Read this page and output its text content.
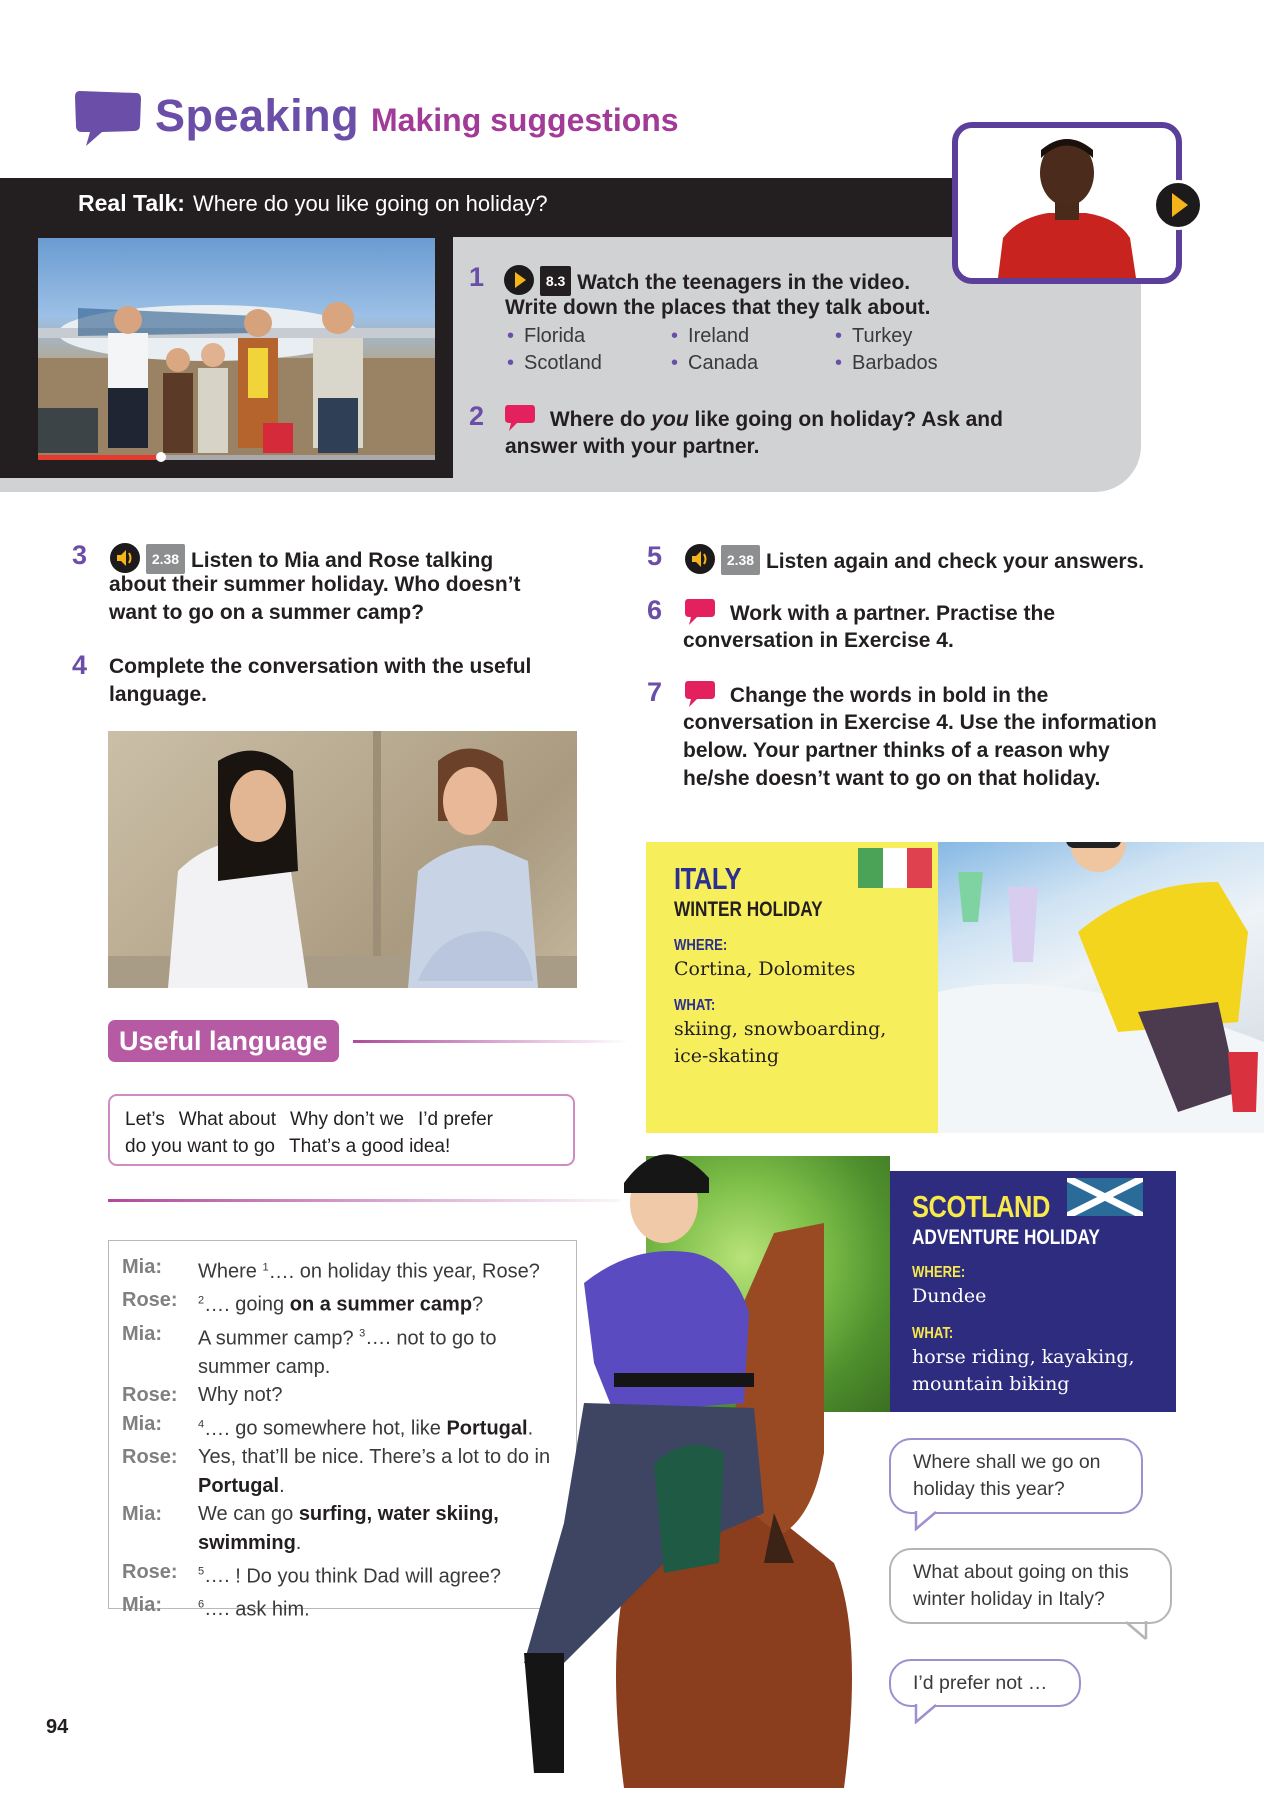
Speaking Making suggestions
Real Talk: Where do you like going on holiday?
1	8.3 Watch the teenagers in the video.
Write down the places that they talk about.
• Florida	• Ireland	• Turkey
• Scotland	• Canada	• Barbados
2	Where do you like going on holiday? Ask and
answer with your partner.
3	2.38 Listen to Mia and Rose talking
about their summer holiday. Who doesn’t
want to go on a summer camp?
4 Complete the conversation with the useful
language.
Useful language
Let’s What about Why don’t we I’d prefer
do you want to go That’s a good idea!
Mia:	Where $^1$…. on holiday this year, Rose?
Rose:	$^2$…. going on a summer camp?
Mia:	A summer camp? $^3$…. not to go to summer camp.
Rose:	Why not?
Mia:	$^4$…. go somewhere hot, like Portugal.
Rose:	Yes, that’ll be nice. There’s a lot to do in Portugal.
Mia:	We can go surfing, water skiing, swimming.
Rose:	$^5$…. ! Do you think Dad will agree?
Mia:	$^6$…. ask him.
5	2.38 Listen again and check your answers.
6	Work with a partner. Practise the
conversation in Exercise 4.
7	Change the words in bold in the
conversation in Exercise 4. Use the information
below. Your partner thinks of a reason why
he/she doesn’t want to go on that holiday.
ITALY
WINTER HOLIDAY
WHERE:
Cortina, Dolomites
WHAT:
skiing, snowboarding,
ice-skating
SCOTLAND
ADVENTURE HOLIDAY
WHERE:
Dundee
WHAT:
horse riding, kayaking,
mountain biking
Where shall we go on
holiday this year?
What about going on this
winter holiday in Italy?
I’d prefer not …
94
